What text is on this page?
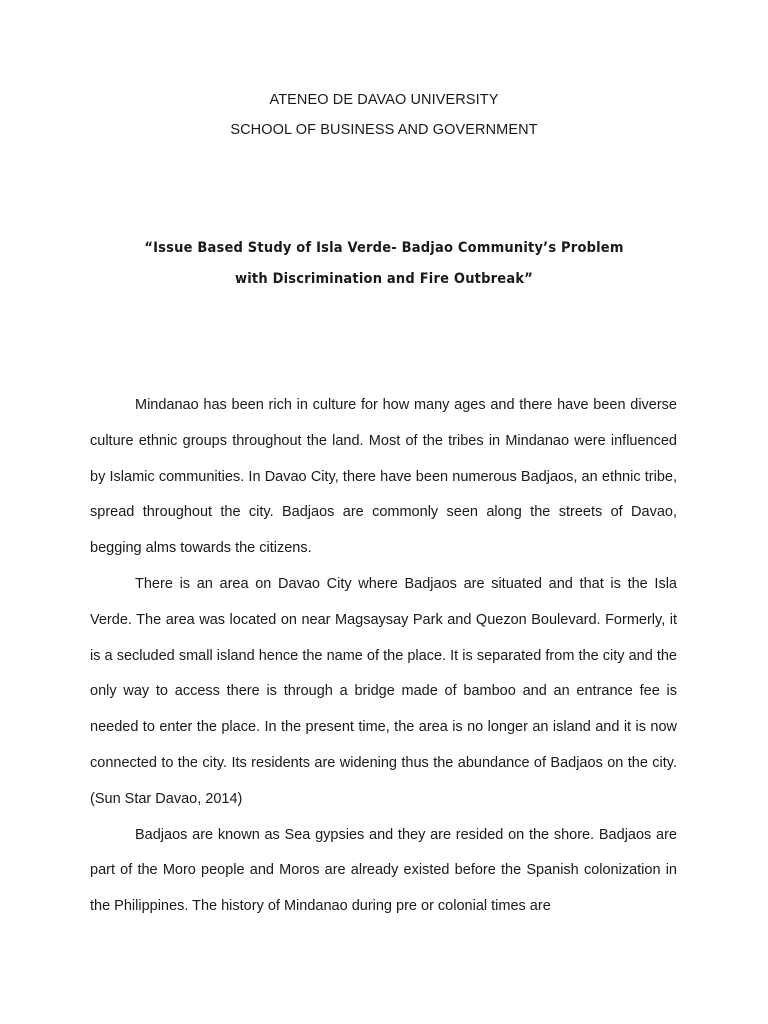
ATENEO DE DAVAO UNIVERSITY
SCHOOL OF BUSINESS AND GOVERNMENT
“Issue Based Study of Isla Verde- Badjao Community’s Problem
with Discrimination and Fire Outbreak”

Mindanao has been rich in culture for how many ages and there have been diverse culture ethnic groups throughout the land. Most of the tribes in Mindanao were influenced by Islamic communities. In Davao City, there have been numerous Badjaos, an ethnic tribe, spread throughout the city. Badjaos are commonly seen along the streets of Davao, begging alms towards the citizens.

There is an area on Davao City where Badjaos are situated and that is the Isla Verde. The area was located on near Magsaysay Park and Quezon Boulevard. Formerly, it is a secluded small island hence the name of the place. It is separated from the city and the only way to access there is through a bridge made of bamboo and an entrance fee is needed to enter the place. In the present time, the area is no longer an island and it is now connected to the city. Its residents are widening thus the abundance of Badjaos on the city. (Sun Star Davao, 2014)

Badjaos are known as Sea gypsies and they are resided on the shore. Badjaos are part of the Moro people and Moros are already existed before the Spanish colonization in the Philippines. The history of Mindanao during pre or colonial times are
